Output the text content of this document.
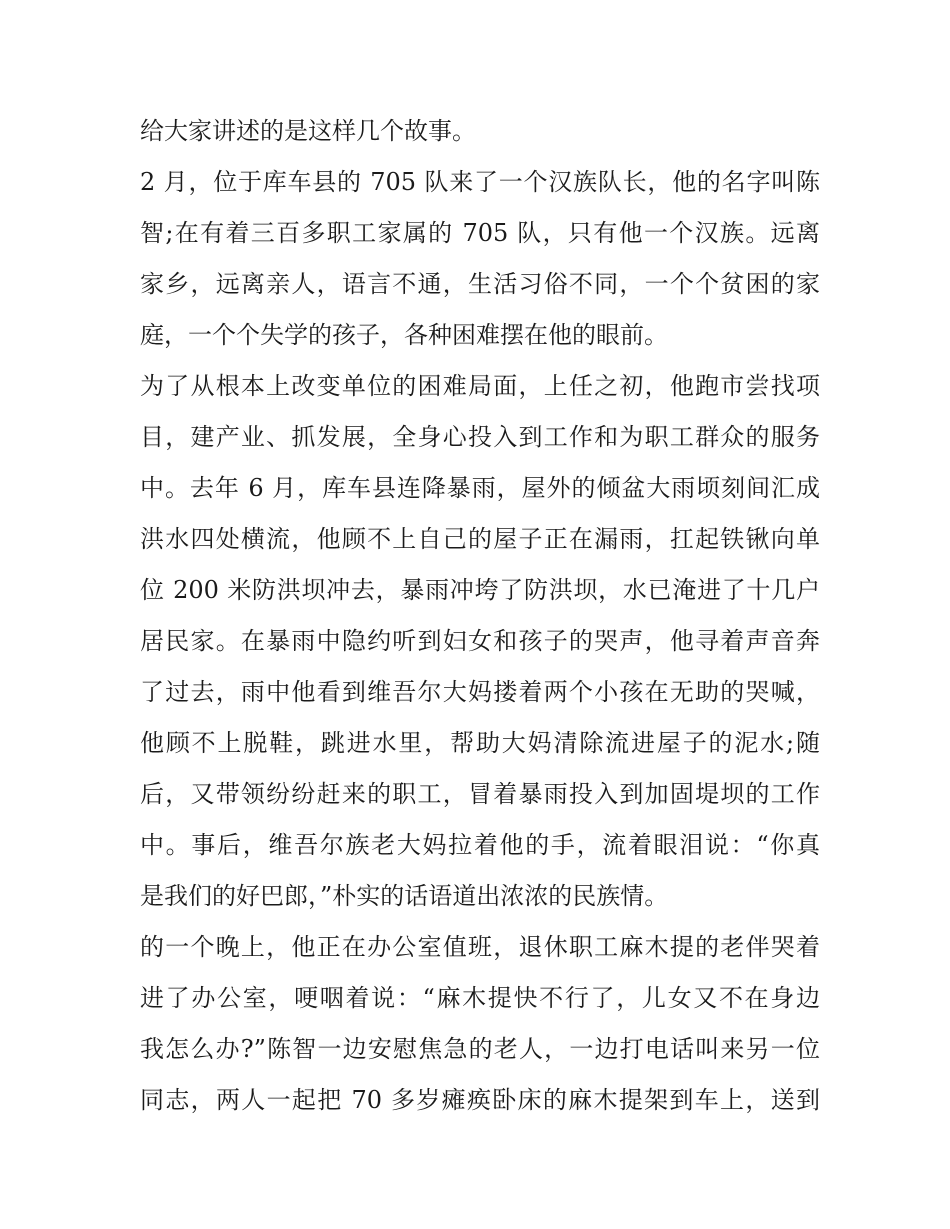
给大家讲述的是这样几个故事。
2 月，位于库车县的 705 队来了一个汉族队长，他的名字叫陈
智;在有着三百多职工家属的 705 队，只有他一个汉族。远离
家乡，远离亲人，语言不通，生活习俗不同，一个个贫困的家
庭，一个个失学的孩子，各种困难摆在他的眼前。
为了从根本上改变单位的困难局面，上任之初，他跑市尝找项
目，建产业、抓发展，全身心投入到工作和为职工群众的服务
中。去年 6 月，库车县连降暴雨，屋外的倾盆大雨顷刻间汇成
洪水四处横流，他顾不上自己的屋子正在漏雨，扛起铁锹向单
位 200 米防洪坝冲去，暴雨冲垮了防洪坝，水已淹进了十几户
居民家。在暴雨中隐约听到妇女和孩子的哭声，他寻着声音奔
了过去，雨中他看到维吾尔大妈搂着两个小孩在无助的哭喊，
他顾不上脱鞋，跳进水里，帮助大妈清除流进屋子的泥水;随
后，又带领纷纷赶来的职工，冒着暴雨投入到加固堤坝的工作
中。事后，维吾尔族老大妈拉着他的手，流着眼泪说：“你真
是我们的好巴郎，”朴实的话语道出浓浓的民族情。
的一个晚上，他正在办公室值班，退休职工麻木提的老伴哭着
进了办公室，哽咽着说：“麻木提快不行了，儿女又不在身边
我怎么办?”陈智一边安慰焦急的老人，一边打电话叫来另一位
同志，两人一起把 70 多岁瘫痪卧床的麻木提架到车上，送到
